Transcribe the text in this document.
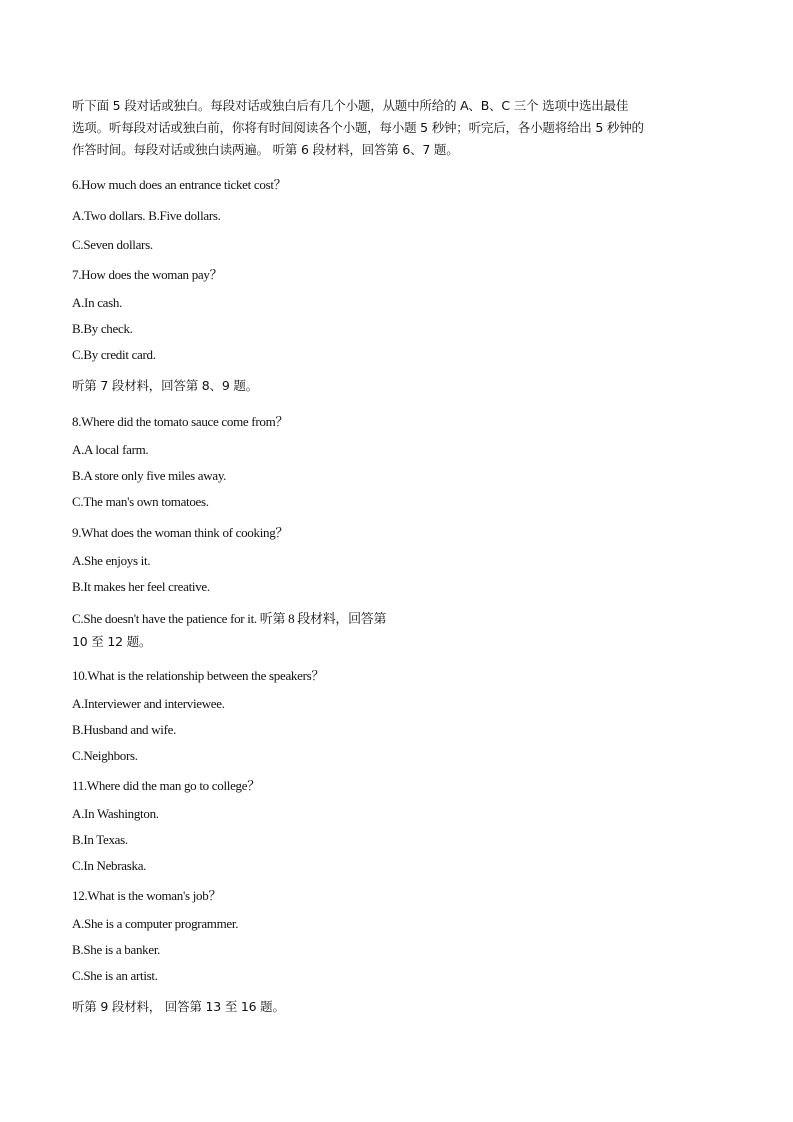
听下面 5 段对话或独白。每段对话或独白后有几个小题，从题中所给的 A、B、C 三个 选项中选出最佳
选项。听每段对话或独白前，你将有时间阅读各个小题，每小题 5 秒钟；听完后，各小题将给出 5 秒钟的
作答时间。每段对话或独白读两遍。 听第 6 段材料，回答第 6、7 题。
6.How much does an entrance ticket cost？
A.Two dollars. B.Five dollars.
C.Seven dollars.
7.How does the woman pay？
A.In cash.
B.By check.
C.By credit card.
听第 7 段材料，回答第 8、9 题。
8.Where did the tomato sauce come from？
A.A local farm.
B.A store only five miles away.
C.The man's own tomatoes.
9.What does the woman think of cooking？
A.She enjoys it.
B.It makes her feel creative.
C.She doesn't have the patience for it. 听第 8 段材料，回答第
10 至 12 题。
10.What is the relationship between the speakers？
A.Interviewer and interviewee.
B.Husband and wife.
C.Neighbors.
11.Where did the man go to college？
A.In Washington.
B.In Texas.
C.In Nebraska.
12.What is the woman's job？
A.She is a computer programmer.
B.She is a banker.
C.She is an artist.
听第 9 段材料， 回答第 13 至 16 题。
